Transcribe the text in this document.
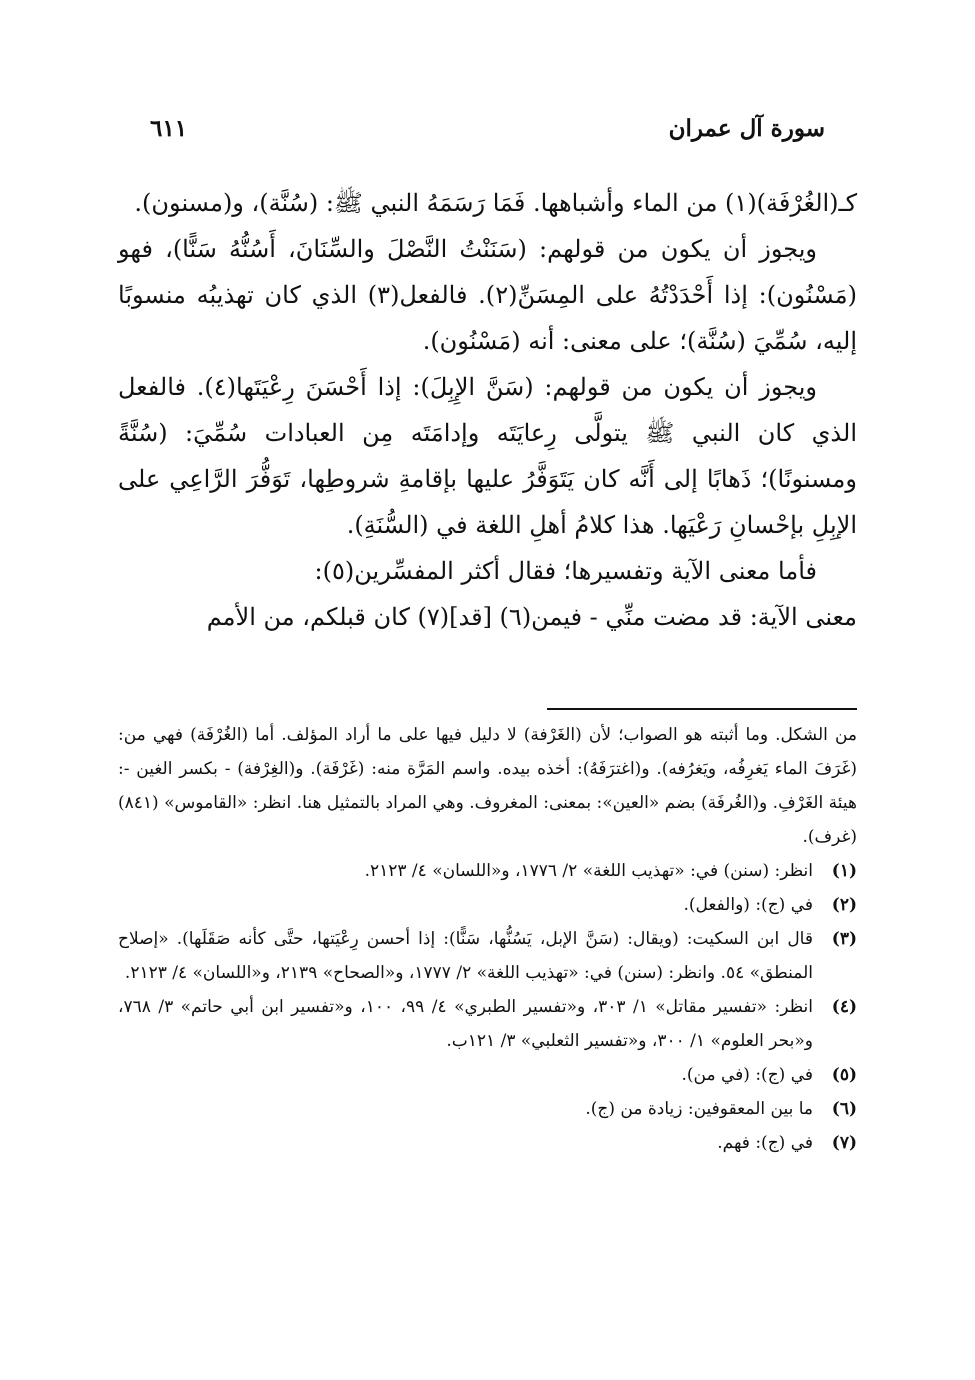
سورة آل عمران
٦١١

كـ(الغُرْفَة)(١) من الماء وأشباهها. فَمَا رَسَمَهُ النبي ﷺ: (سُنَّة)، و(مسنون).

ويجوز أن يكون من قولهم: (سَنَنْتُ النَّصْلَ والسِّنَانَ، أَسُنُّهُ سَنًّا)، فهو (مَسْنُون): إذا أَحْدَدْتُهُ على المِسَنِّ(٢). فالفعل(٣) الذي كان تهذيبُه منسوبًا إليه، سُمِّيَ (سُنَّة)؛ على معنى: أنه (مَسْنُون).

ويجوز أن يكون من قولهم: (سَنَّ الإِبِلَ): إذا أَحْسَنَ رِعْيَتَها(٤). فالفعل الذي كان النبي ﷺ يتولَّى رِعايَتَه وإدامَتَه مِن العبادات سُمِّيَ: (سُنَّةً ومسنونًا)؛ ذَهابًا إلى أَنَّه كان يَتَوَفَّرُ عليها بإقامةِ شروطِها، تَوَفُّرَ الرَّاعِي على الإبِلِ بإحْسانِ رَعْيَها. هذا كلامُ أهلِ اللغة في (السُّنَةِ).

فأما معنى الآية وتفسيرها؛ فقال أكثر المفسِّرين(٥):

معنى الآية: قد مضت منِّي - فيمن(٦) [قد](٧) كان قبلكم، من الأمم

من الشكل. وما أثبته هو الصواب؛ لأن (الغَرْفة) لا دليل فيها على ما أراد المؤلف. أما (الغُرْفَة) فهي من: (غَرَفَ الماء يَغرِفُه، ويَغرُفه). و(اغترَفَهُ): أخذه بيده. واسم المَرَّة منه: (غَرْفَة). و(الغِرْفة) - بكسر الغين -: هيئة الغَرْفِ. و(الغُرفَة) بضم «العين»: بمعنى: المغروف. وهي المراد بالتمثيل هنا. انظر: «القاموس» (٨٤١) (غرف).

(١)
انظر: (سنن) في: «تهذيب اللغة» ٢/ ١٧٧٦، و«اللسان» ٤/ ٢١٢٣.
(٢)
في (ج): (والفعل).
(٣)
قال ابن السكيت: (ويقال: (سَنَّ الإبل، يَسُنُّها، سَنًّا): إذا أحسن رِعْيَتها، حتَّى كأنه صَقَلَها). «إصلاح المنطق» ٥٤. وانظر: (سنن) في: «تهذيب اللغة» ٢/ ١٧٧٧، و«الصحاح» ٢١٣٩، و«اللسان» ٤/ ٢١٢٣.
(٤)
انظر: «تفسير مقاتل» ١/ ٣٠٣، و«تفسير الطبري» ٤/ ٩٩، ١٠٠، و«تفسير ابن أبي حاتم» ٣/ ٧٦٨، و«بحر العلوم» ١/ ٣٠٠، و«تفسير الثعلبي» ٣/ ١٢١ب.
(٥)
في (ج): (في من).
(٦)
ما بين المعقوفين: زيادة من (ج).
(٧)
في (ج): فهم.
